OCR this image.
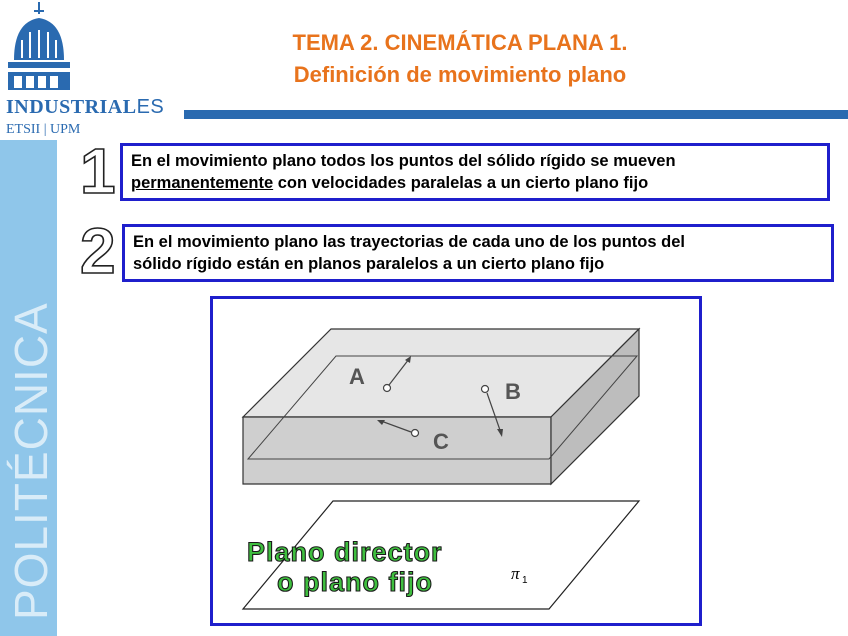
INDUSTRIALES
ETSII | UPM
POLITÉCNICA
TEMA 2. CINEMÁTICA PLANA 1.
Definición de movimiento plano
1 En el movimiento plano todos los puntos del sólido rígido se mueven
permanentemente con velocidades paralelas a un cierto plano fijo
2 En el movimiento plano las trayectorias de cada uno de los puntos del
sólido rígido están en planos paralelos a un cierto plano fijo
A
B
C
Plano director
o plano fijo	π 1
